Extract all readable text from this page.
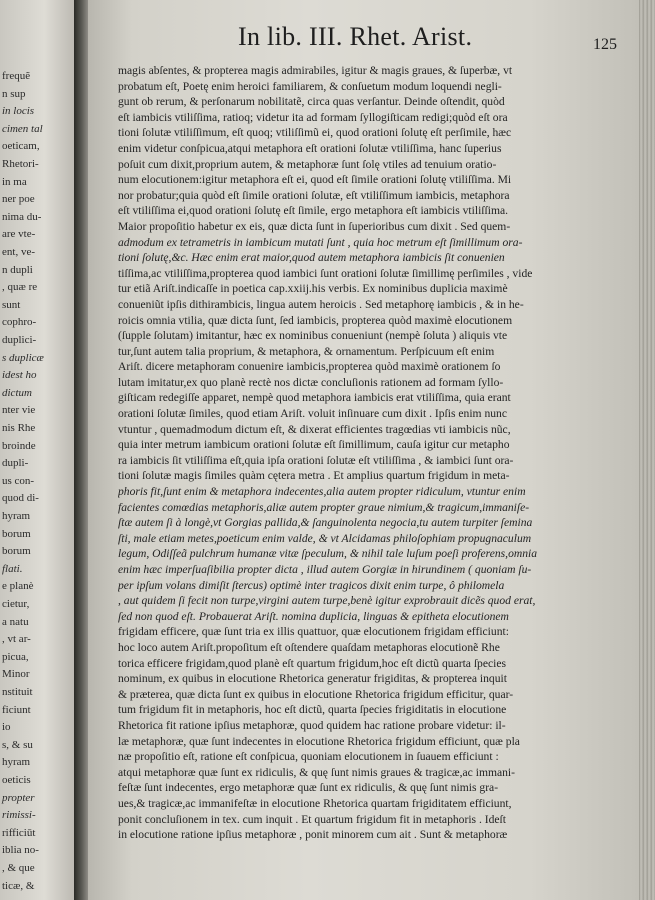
frequẽ
n sup
in locis
cimen tal
oeticam,
Rhetori-
in ma
ner poe
nima du-
are vte-
ent, ve-
n dupli
, quæ re
sunt
cophro-
duplici-
s duplicæ
idest ho
dictum
nter vie
nis Rhe
broinde
dupli-
us con-
quod di-
hyram
borum
borum
flati.
e planè
cietur,
a natu
, vt ar-
picua,
Minor
nstituit
ficiunt
io
s, & su
hyram
oeticis
propter
rimissi-
rifficiūt
iblia no-
, & que
ticæ, &
In lib. III. Rhet. Arist.	125
magis abſentes, & propterea magis admirabiles, igitur & magis graues, & ſuperbæ, vt
probatum eſt, Poetę enim heroici familiarem, & conſuetum modum loquendi negli-
gunt ob rerum, & perſonarum nobilitatẽ, circa quas verſantur. Deinde oſtendit, quòd
eſt iambicis vtiliſſima, ratioq; videtur ita ad formam ſyllogiſticam redigi;quòd eſt ora
tioni ſolutæ vtiliſſimum, eſt quoq; vtiliſſimũ ei, quod orationi ſolutę eſt perſimile, hæc
enim videtur conſpicua,atqui metaphora eſt orationi ſolutæ vtiliſſima, hanc ſuperius
poſuit cum dixit,proprium autem, & metaphoræ ſunt ſolę vtiles ad tenuium oratio-
num elocutionem:igitur metaphora eſt ei, quod eſt ſimile orationi ſolutę vtiliſſima. Mi
nor probatur;quia quòd eſt ſimile orationi ſolutæ, eſt vtiliſſimum iambicis, metaphora
eſt vtiliſſima ei,quod orationi ſolutę eſt ſimile, ergo metaphora eſt iambicis vtiliſſima.
Maior propoſitio habetur ex eis, quæ dicta ſunt in ſuperioribus cum dixit . Sed quem-
admodum ex tetrametris in iambicum mutati ſunt , quia hoc metrum eſt ſimillimum ora-
tioni ſolutę,&c. Hæc enim erat maior,quod autem metaphora iambicis ſit conuenien
tiſſima,ac vtiliſſima,propterea quod iambici ſunt orationi ſolutæ ſimillimę perſimiles , vide
tur etiã Ariſt.indicaſſe in poetica cap.xxiij.his verbis. Ex nominibus duplicia maximè
conueniũt ipſis dithirambicis, lingua autem heroicis . Sed metaphorę iambicis , & in he-
roicis omnia vtilia, quæ dicta ſunt, ſed iambicis, propterea quòd maximè elocutionem
(ſupple ſolutam) imitantur, hæc ex nominibus conueniunt (nempè ſoluta ) aliquis vte
tur,ſunt autem talia proprium, & metaphora, & ornamentum. Perſpicuum eſt enim
Ariſt. dicere metaphoram conuenire iambicis,propterea quòd maximè orationem ſo
lutam imitatur,ex quo planè rectè nos dictæ concluſionis rationem ad formam ſyllo-
giſticam redegiſſe apparet, nempè quod metaphora iambicis erat vtiliſſima, quia erant
orationi ſolutæ ſimiles, quod etiam Ariſt. voluit inſinuare cum dixit . Ipſis enim nunc
vtuntur , quemadmodum dictum eſt, & dixerat efficientes tragœdias vti iambicis nũc,
quia inter metrum iambicum orationi ſolutæ eſt ſimillimum, cauſa igitur cur metapho
ra iambicis ſit vtiliſſima eſt,quia ipſa orationi ſolutæ eſt vtiliſſima , & iambici ſunt ora-
tioni ſolutæ magis ſimiles quàm cętera metra . Et amplius quartum frigidum in meta-
phoris fit,ſunt enim & metaphora indecentes,alia autem propter ridiculum, vtuntur enim
facientes comœdias metaphoris,aliæ autem propter graue nimium,& tragicum,immaniſe-
ſtæ autem ſi à longè,vt Gorgias pallida,& ſanguinolenta negocia,tu autem turpiter ſemina
ſti, male etiam metes,poeticum enim valde, & vt Alcidamas philoſophiam propugnaculum
legum, Odiſſeã pulchrum humanæ vitæ ſpeculum, & nihil tale luſum poeſi proferens,omnia
enim hæc imperſuaſibilia propter dicta , illud autem Gorgiæ in hirundinem ( quoniam ſu-
per ipſum volans dimiſit ſtercus) optimè inter tragicos dixit enim turpe, ô philomela
, aut quidem ſi fecit non turpe,virgini autem turpe,benè igitur exprobrauit dicẽs quod erat,
ſed non quod eſt. Probauerat Ariſt. nomina duplicia, linguas & epitheta elocutionem
frigidam efficere, quæ ſunt tria ex illis quattuor, quæ elocutionem frigidam efficiunt:
hoc loco autem Ariſt.propoſitum eſt oſtendere quaſdam metaphoras elocutionẽ Rhe
torica efficere frigidam,quod planè eſt quartum frigidum,hoc eſt dictũ quarta ſpecies
nominum, ex quibus in elocutione Rhetorica generatur frigiditas, & propterea inquit
& præterea, quæ dicta ſunt ex quibus in elocutione Rhetorica frigidum efficitur, quar-
tum frigidum fit in metaphoris, hoc eſt dictũ, quarta ſpecies frigiditatis in elocutione
Rhetorica fit ratione ipſius metaphoræ, quod quidem hac ratione probare videtur: il-
læ metaphoræ, quæ ſunt indecentes in elocutione Rhetorica frigidum efficiunt, quæ pla
næ propoſitio eſt, ratione eſt conſpicua, quoniam elocutionem in ſuauem efficiunt :
atqui metaphoræ quæ ſunt ex ridiculis, & quę ſunt nimis graues & tragicæ,ac immani-
feſtæ ſunt indecentes, ergo metaphoræ quæ ſunt ex ridiculis, & quę ſunt nimis gra-
ues,& tragicæ,ac immanifeſtæ in elocutione Rhetorica quartam frigiditatem efficiunt,
ponit concluſionem in tex. cum inquit . Et quartum frigidum fit in metaphoris . Ideſt
in elocutione ratione ipſius metaphoræ , ponit minorem cum ait . Sunt & metaphoræ
